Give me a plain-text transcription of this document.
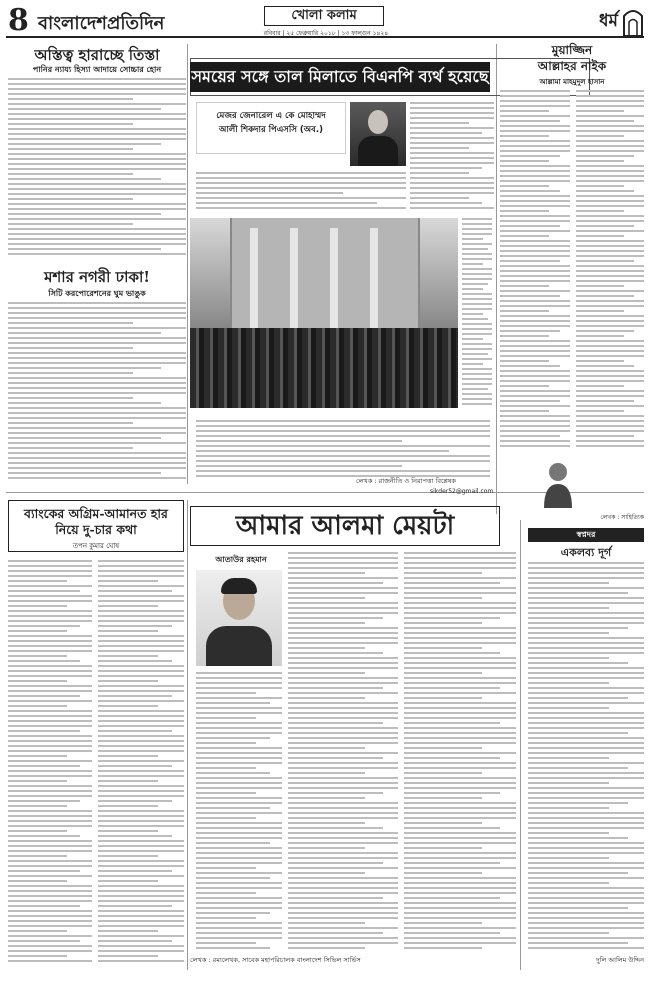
8 বাংলাদেশপ্রতিদিন	খোলা কলাম
রবিবার | ২৫ ফেব্রুয়ারি ২০১৮ | ১৩ ফাল্গুন ১৪২৪
ধর্ম
অস্তিত্ব হারাচ্ছে তিস্তা
পানির ন্যায্য হিস্যা আদায়ে সোচ্চার হোন
মশার নগরী ঢাকা!
সিটি করপোরেশনের ঘুম ভাঙুক
সময়ের সঙ্গে তাল মিলাতে বিএনপি ব্যর্থ হয়েছে
মেজর জেনারেল এ কে মোহাম্মদ
আলী শিকদার পিএসসি (অব.)
লেখক : রাজনীতি ও নিরাপত্তা বিশ্লেষক
sikder52@gmail.com
মুয়াজ্জিন
আল্লাহর নাইক
আল্লামা মাহমুদুল হাসান
লেখক : সাহিত্যিক
ব্যাংকের অগ্রিম-আমানত হার
নিয়ে দু-চার কথা
তপন কুমার ঘোষ
আমার আলমা মেয়টা
আতাউর রহমান
লেখক : রম্যলেখক, সাবেক মহাপরিচালক বাংলাদেশ সিভিল সার্ভিস
স্বপ্নদর
একলব্য দূর্গ
দুলি আলিম উদ্দিন
